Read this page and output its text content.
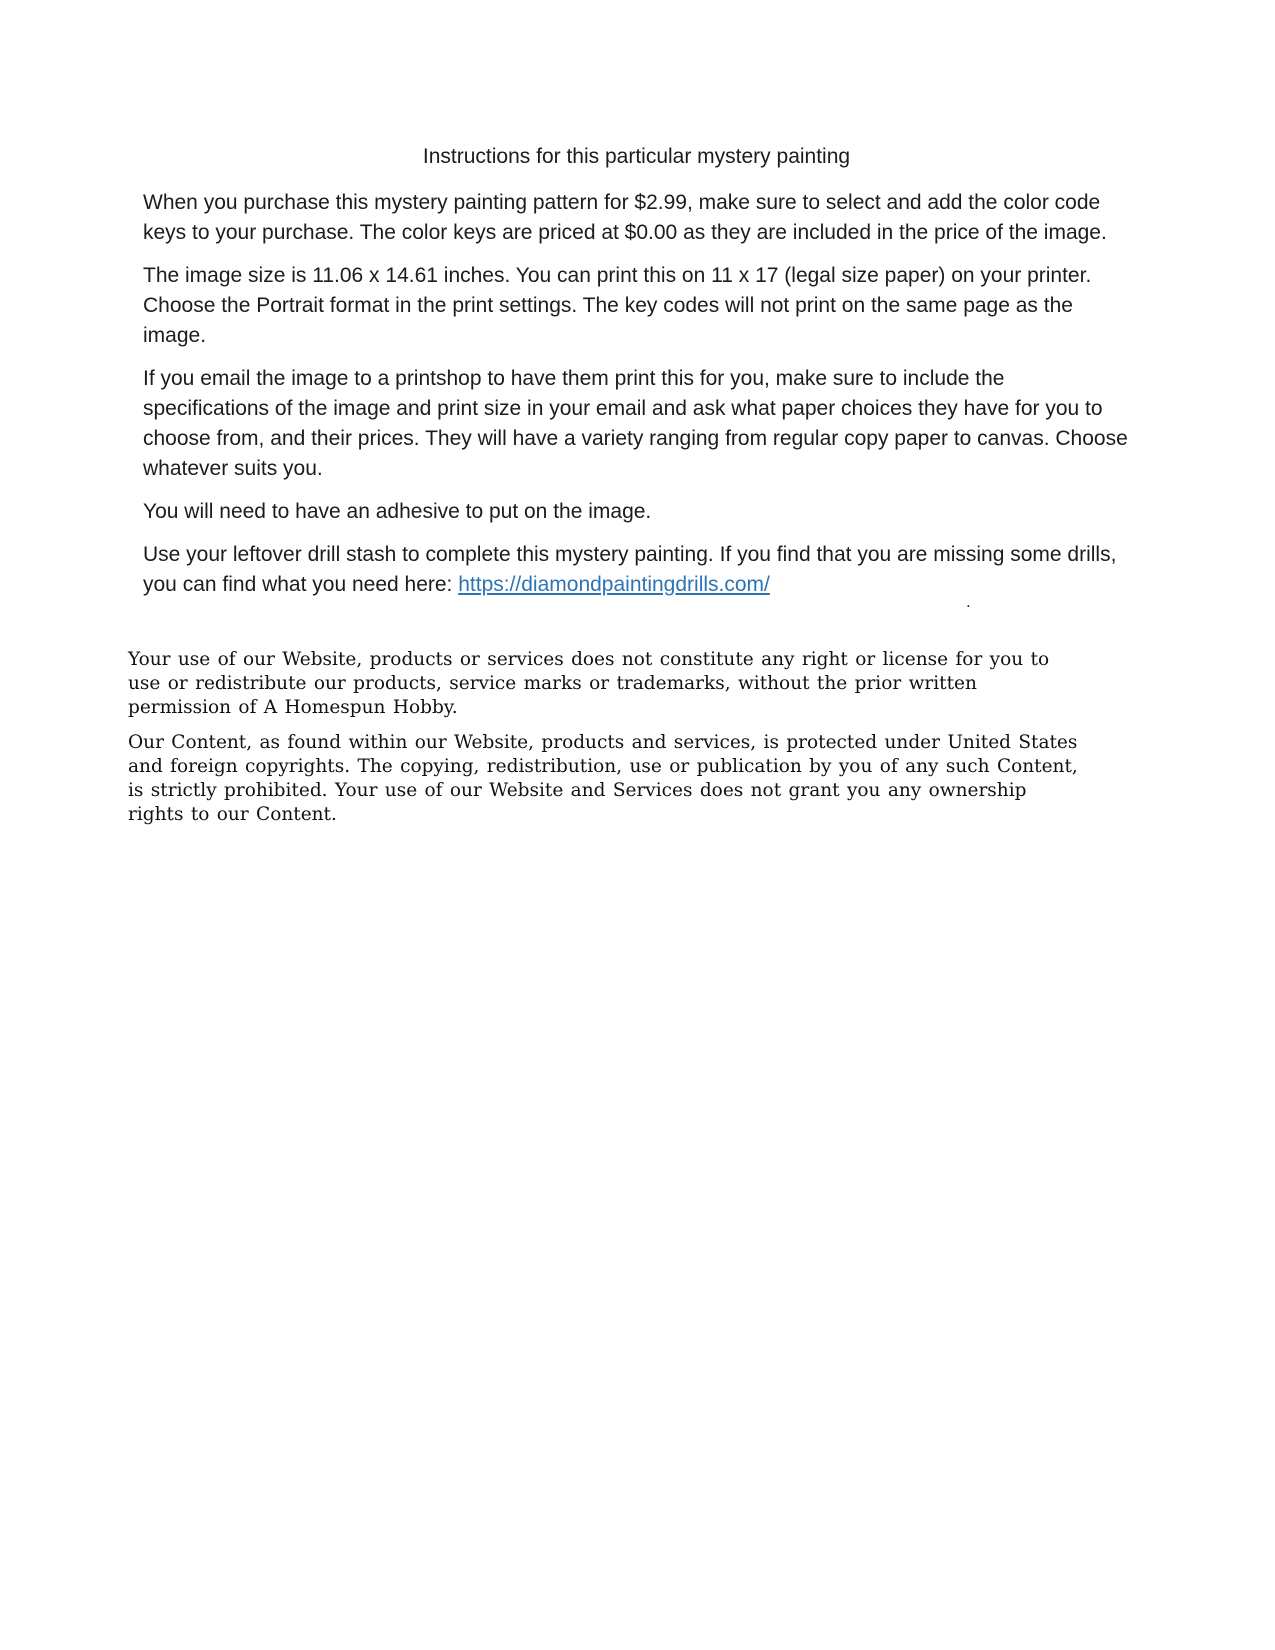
Instructions for this particular mystery painting

When you purchase this mystery painting pattern for $2.99, make sure to select and add the color code keys to your purchase. The color keys are priced at $0.00 as they are included in the price of the image.

The image size is 11.06 x 14.61 inches. You can print this on 11 x 17 (legal size paper) on your printer. Choose the Portrait format in the print settings. The key codes will not print on the same page as the image.

If you email the image to a printshop to have them print this for you, make sure to include the specifications of the image and print size in your email and ask what paper choices they have for you to choose from, and their prices. They will have a variety ranging from regular copy paper to canvas. Choose whatever suits you.

You will need to have an adhesive to put on the image.

Use your leftover drill stash to complete this mystery painting. If you find that you are missing some drills, you can find what you need here: https://diamondpaintingdrills.com/

Your use of our Website, products or services does not constitute any right or license for you to use or redistribute our products, service marks or trademarks, without the prior written permission of A Homespun Hobby.

Our Content, as found within our Website, products and services, is protected under United States and foreign copyrights. The copying, redistribution, use or publication by you of any such Content, is strictly prohibited. Your use of our Website and Services does not grant you any ownership rights to our Content.

.
